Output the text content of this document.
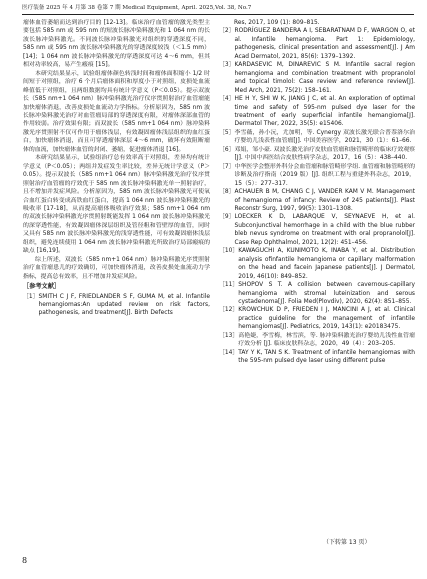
医疗装备 2025 年 4 月第 38 卷第 7 期 Medical Equipment, April. 2025,Vol. 38, No.7

瘤体血管萎缩而达到治疗目的 [12-13]。临床治疗血管瘤的激光类型主要包括 585 nm 或 595 nm 的短波长脉冲染料激光和 1 064 nm 的长波长脉冲染料激光。不同波长脉冲染料激光对组织的穿透深度不同，585 nm 或 595 nm 波长脉冲染料激光的穿透深度较浅（＜1.5 mm）[14]；1 064 nm 波长脉冲染料激光的穿透深度可达 4～6 mm，但其相对功率较高，易产生瘢痕 [15]。

本研究结果显示，试验组瘤体颜色转浅时间和瘤体面积缩小 1/2 时间短于对照组，治疗 6 个月后瘤体面积和厚度小于对照组，皮损处血流峰值低于对照组，且两组数据均具有统计学意义（P＜0.05）。提示双波长（585 nm+1 064 nm）脉冲染料激光治疗仪序贯照射治疗血管瘤能加快瘤体消退，改善皮损处血流动力学指标。分析原因为，585 nm 波长脉冲染料激光治疗对血管瘤局部的穿透深度有限，对瘤体深部血管的作用较弱。治疗效果有限；而双波长（585 nm+1 064 nm）脉冲染料激光序贯照射不仅可作用于瘤体浅层，有效凝固瘤体浅层组织的血红蛋白，加快瘤体消退，而且可穿透瘤体深层 4～6 mm，破坏有效阻断瘤体的血流，加快瘤体血管的封闭、萎缩，促进瘤体消退 [16]。

本研究结果显示，试验组治疗总有效率高于对照组，差异均有统计学意义（P＜0.05）；两组并发症发生率比较，差异无统计学意义（P＞0.05）。提示双波长（585 nm+1 064 nm）脉冲染料激光治疗仪序贯照射治疗血管瘤的疗效优于 585 nm 波长脉冲染料激光单一照射治疗，且不增加并发症风险。分析原因为，585 nm 波长脉冲染料激光可使氧合血红蛋白转变成高铁血红蛋白，提高 1 064 nm 波长脉冲染料激光的吸收率 [17-18]，从而提高瘤体吸收治疗效果；585 nm+1 064 nm 的双波长脉冲染料激光序贯照射既能发挥 1 064 nm 波长脉冲染料激光的深穿透性能，有效凝固瘤体深层组织及管径粗和管壁厚的血管，同时又具有 585 nm 波长脉冲染料激光的浅穿透性能，可有效凝固瘤体浅层组织，避免连续使用 1 064 nm 波长脉冲染料激光所致治疗局部瘢痕的缺点 [16,19]。

综上所述，双波长（585 nm+1 064 nm）脉冲染料激光序贯照射治疗血管瘤患儿的疗效确切，可加快瘤体消退，改善皮损处血流动力学指标，提高总有效率，且不增加并发症风险。

［参考文献］
［1］ SMITH C J F, FRIEDLANDER S F, GUMA M, et al. Infantile hemangiomas:An updated review on risk factors, pathogenesis, and treatment[J]. Birth Defects
Res, 2017, 109 (1): 809–815.
［2］ RODRÍGUEZ BANDERA A I, SEBARATNAM D F, WARGON O, et al. Infantile hemangioma. Part 1: Epidemiology, pathogenesis, clinical presentation and assessment[J]. J Am Acad Dermatol, 2021, 85(6): 1379–1392.
［3］ KARDASEVIC M, DINAREVIC S M. Infantile sacral region hemangioma and combination treatment with propranolol and topical timolol: Case review and reference review[J]. Med Arch, 2021, 75(2): 158–161.
［4］ HE H Y, SHI W K, JIANG J C, et al. An exploration of optimal time and safety of 595-nm pulsed dye laser for the treatment of early superficial infantile hemangioma[J]. Dermatol Ther, 2022, 35(5): e15406.
［5］ 李雪薇，孙小沅，尤加明，等. Cynergy 双波长激光联合普萘洛尔治疗婴幼儿浅表性血管瘤[J]. 中国美容医学，2021，30（1）：61–66.
［6］ 邓娟，邹小豪. 双波长激光治疗皮肤血管瘤和脉管畸形的临床疗效观察 [J]. 中国中西医结合皮肤性病学杂志，2017，16（5）：438–440.
［7］ 中华医学会整形外科分会血管瘤和脉管畸形学组. 血管瘤和脉管畸形的诊断及治疗指南（2019 版）[J]. 组织工程与重建外科杂志，2019，15（5）：277–317.
［8］ ACHAUER B M, CHANG C J, VANDER KAM V M. Management of hemangioma of infancy: Review of 245 patients[J]. Plast Reconstr Surg, 1997, 99(5): 1301–1308.
［9］ LOECKER K D, LABARQUE V, SEYNAEVE H, et al. Subconjunctival hemorrhage in a child with the blue rubber bleb nevus syndrome on treatment with oral propranolol[J]. Case Rep Ophthalmol, 2021, 12(2): 451–456.
［10］ KAWAGUCHI A, KUNIMOTO K, INABA Y, et al. Distribution analysis ofinfantile hemangioma or capillary malformation on the head and facein Japanese patients[J]. J Dermatol, 2019, 46(10): 849–852.
［11］ SHOPOV S T. A collision between cavernous-capillary hemangioma with stromal luteinization and serous cystadenoma[J]. Folia Med(Plovdiv), 2020, 62(4): 851–855.
［12］ KROWCHUK D P, FRIEDEN I J, MANCINI A J, et al. Clinical practice guideline for the management of infantile hemangiomas[J]. Pediatrics, 2019, 143(1): e20183475.
［13］ 高艳婕，李雪梅，林雪滨，等. 脉冲染料激光治疗婴幼儿浅性血管瘤疗效分析 [J]. 临床皮肤科杂志，2020，49（4）：203–205.
［14］ TAY Y K, TAN S K. Treatment of infantile hemangiomas with the 595-nm pulsed dye laser using different pulse
（下转第 13 页）
8
